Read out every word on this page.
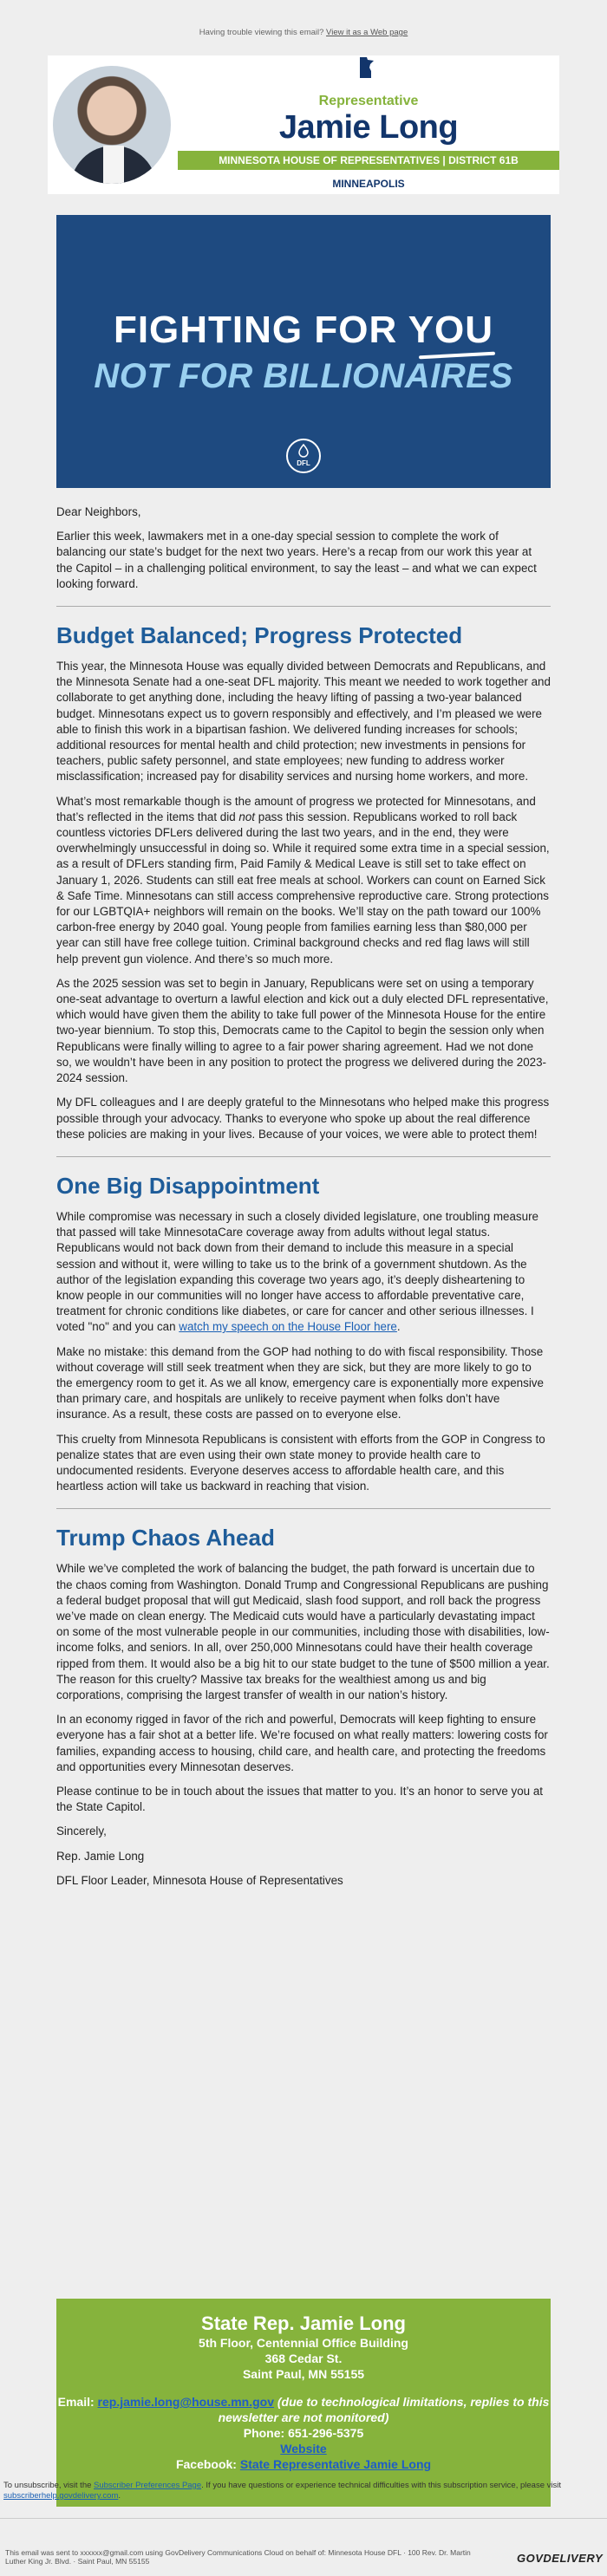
Having trouble viewing this email? View it as a Web page
Representative
Jamie Long
MINNESOTA HOUSE OF REPRESENTATIVES | DISTRICT 61B
MINNEAPOLIS
FIGHTING FOR YOU
NOT FOR BILLIONAIRES
DFL

Dear Neighbors,

Earlier this week, lawmakers met in a one-day special session to complete the work of balancing our state’s budget for the next two years. Here’s a recap from our work this year at the Capitol – in a challenging political environment, to say the least – and what we can expect looking forward.

Budget Balanced; Progress Protected

This year, the Minnesota House was equally divided between Democrats and Republicans, and the Minnesota Senate had a one-seat DFL majority. This meant we needed to work together and collaborate to get anything done, including the heavy lifting of passing a two-year balanced budget. Minnesotans expect us to govern responsibly and effectively, and I’m pleased we were able to finish this work in a bipartisan fashion. We delivered funding increases for schools; additional resources for mental health and child protection; new investments in pensions for teachers, public safety personnel, and state employees; new funding to address worker misclassification; increased pay for disability services and nursing home workers, and more.

What’s most remarkable though is the amount of progress we protected for Minnesotans, and that’s reflected in the items that did not pass this session. Republicans worked to roll back countless victories DFLers delivered during the last two years, and in the end, they were overwhelmingly unsuccessful in doing so. While it required some extra time in a special session, as a result of DFLers standing firm, Paid Family & Medical Leave is still set to take effect on January 1, 2026. Students can still eat free meals at school. Workers can count on Earned Sick & Safe Time. Minnesotans can still access comprehensive reproductive care. Strong protections for our LGBTQIA+ neighbors will remain on the books. We’ll stay on the path toward our 100% carbon-free energy by 2040 goal. Young people from families earning less than $80,000 per year can still have free college tuition. Criminal background checks and red flag laws will still help prevent gun violence. And there’s so much more.

As the 2025 session was set to begin in January, Republicans were set on using a temporary one-seat advantage to overturn a lawful election and kick out a duly elected DFL representative, which would have given them the ability to take full power of the Minnesota House for the entire two-year biennium. To stop this, Democrats came to the Capitol to begin the session only when Republicans were finally willing to agree to a fair power sharing agreement. Had we not done so, we wouldn’t have been in any position to protect the progress we delivered during the 2023-2024 session.

My DFL colleagues and I are deeply grateful to the Minnesotans who helped make this progress possible through your advocacy. Thanks to everyone who spoke up about the real difference these policies are making in your lives. Because of your voices, we were able to protect them!

One Big Disappointment

While compromise was necessary in such a closely divided legislature, one troubling measure that passed will take MinnesotaCare coverage away from adults without legal status. Republicans would not back down from their demand to include this measure in a special session and without it, were willing to take us to the brink of a government shutdown. As the author of the legislation expanding this coverage two years ago, it’s deeply disheartening to know people in our communities will no longer have access to affordable preventative care, treatment for chronic conditions like diabetes, or care for cancer and other serious illnesses. I voted "no" and you can watch my speech on the House Floor here.

Make no mistake: this demand from the GOP had nothing to do with fiscal responsibility. Those without coverage will still seek treatment when they are sick, but they are more likely to go to the emergency room to get it. As we all know, emergency care is exponentially more expensive than primary care, and hospitals are unlikely to receive payment when folks don’t have insurance. As a result, these costs are passed on to everyone else.

This cruelty from Minnesota Republicans is consistent with efforts from the GOP in Congress to penalize states that are even using their own state money to provide health care to undocumented residents. Everyone deserves access to affordable health care, and this heartless action will take us backward in reaching that vision.

Trump Chaos Ahead

While we’ve completed the work of balancing the budget, the path forward is uncertain due to the chaos coming from Washington. Donald Trump and Congressional Republicans are pushing a federal budget proposal that will gut Medicaid, slash food support, and roll back the progress we’ve made on clean energy. The Medicaid cuts would have a particularly devastating impact on some of the most vulnerable people in our communities, including those with disabilities, low-income folks, and seniors. In all, over 250,000 Minnesotans could have their health coverage ripped from them. It would also be a big hit to our state budget to the tune of $500 million a year. The reason for this cruelty? Massive tax breaks for the wealthiest among us and big corporations, comprising the largest transfer of wealth in our nation’s history.

In an economy rigged in favor of the rich and powerful, Democrats will keep fighting to ensure everyone has a fair shot at a better life. We’re focused on what really matters: lowering costs for families, expanding access to housing, child care, and health care, and protecting the freedoms and opportunities every Minnesotan deserves.

Please continue to be in touch about the issues that matter to you. It’s an honor to serve you at the State Capitol.

Sincerely,

Rep. Jamie Long

DFL Floor Leader, Minnesota House of Representatives

State Rep. Jamie Long
5th Floor, Centennial Office Building
368 Cedar St.
Saint Paul, MN 55155
Email: rep.jamie.long@house.mn.gov (due to technological limitations, replies to this newsletter are not monitored)
Phone: 651-296-5375
Website
Facebook: State Representative Jamie Long
To unsubscribe, visit the Subscriber Preferences Page. If you have questions or experience technical difficulties with this subscription service, please visit subscriberhelp.govdelivery.com.
This email was sent to xxxxxx@gmail.com using GovDelivery Communications Cloud on behalf of: Minnesota House DFL · 100 Rev. Dr. Martin Luther King Jr. Blvd. · Saint Paul, MN 55155	GOVDELIVERY
